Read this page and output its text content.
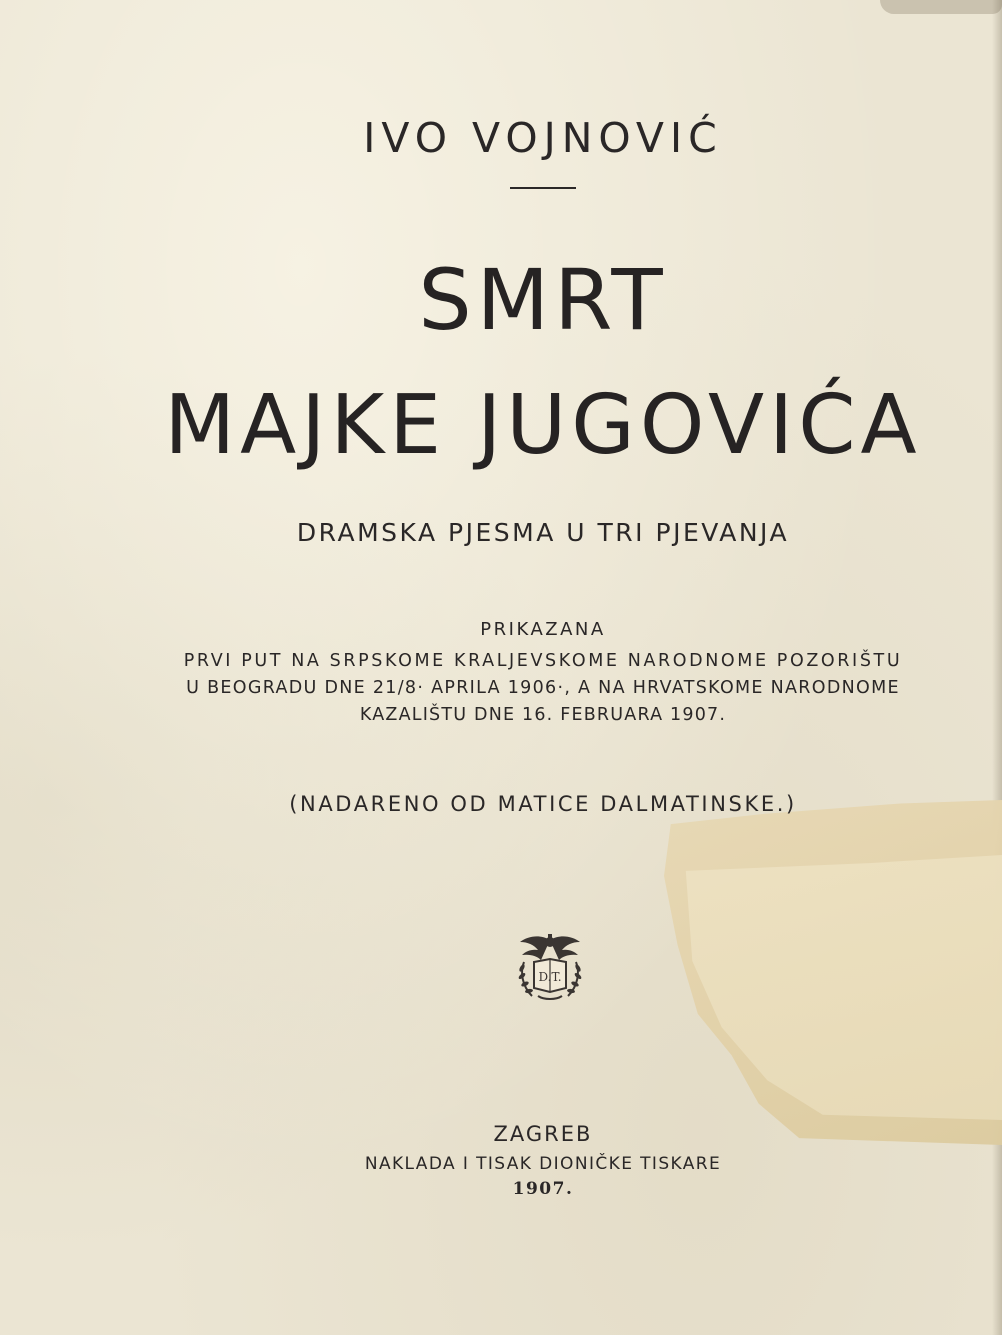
IVO VOJNOVIĆ
SMRT
MAJKE JUGOVIĆA
DRAMSKA PJESMA U TRI PJEVANJA
PRIKAZANA
PRVI PUT NA SRPSKOME KRALJEVSKOME NARODNOME POZORIŠTU
U BEOGRADU DNE 21/8· APRILA 1906·, A NA HRVATSKOME NARODNOME
KAZALIŠTU DNE 16. FEBRUARA 1907.
(NADARENO OD MATICE DALMATINSKE.)
D.T.
ZAGREB
NAKLADA I TISAK DIONIČKE TISKARE
1907.
